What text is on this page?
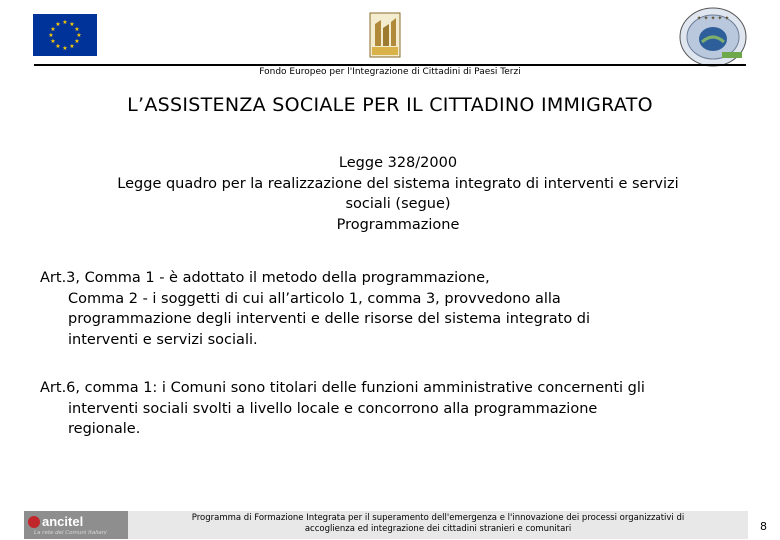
★ ★
★
★
★
★
★
★
★
★
★
★
✦ ✦ ✦ ✦ ✦
Fondo Europeo per l'Integrazione di Cittadini di Paesi Terzi
L’ASSISTENZA SOCIALE PER IL CITTADINO IMMIGRATO
Legge 328/2000
Legge quadro per la realizzazione del sistema integrato di interventi e servizi
sociali (segue)
Programmazione
Art.3, Comma 1 - è adottato il metodo della programmazione,
Comma 2 - i soggetti di cui all’articolo 1, comma 3, provvedono alla
programmazione degli interventi e delle risorse del sistema integrato di
interventi e servizi sociali.
Art.6, comma 1: i Comuni sono titolari delle funzioni amministrative concernenti gli
interventi sociali svolti a livello locale e concorrono alla programmazione
regionale.
ancitel
La rete dei Comuni Italiani
Programma di Formazione Integrata per il superamento dell'emergenza e l'innovazione dei processi organizzativi di
accoglienza ed integrazione dei cittadini stranieri e comunitari	8
